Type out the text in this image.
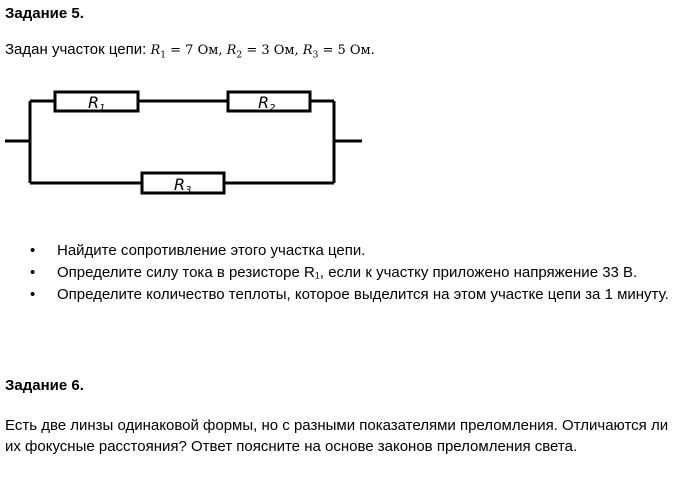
Задание 5.
Задан участок цепи: $R_1 = 7$ Ом, $R_2 = 3$ Ом, $R_3 = 5$ Ом.
R1	R2
R3
• Найдите сопротивление этого участка цепи.
• Определите силу тока в резисторе R₁, если к участку приложено напряжение 33 В.
• Определите количество теплоты, которое выделится на этом участке цепи за 1 минуту.
Задание 6.

Есть две линзы одинаковой формы, но с разными показателями преломления. Отличаются ли их фокусные расстояния? Ответ поясните на основе законов преломления света.
